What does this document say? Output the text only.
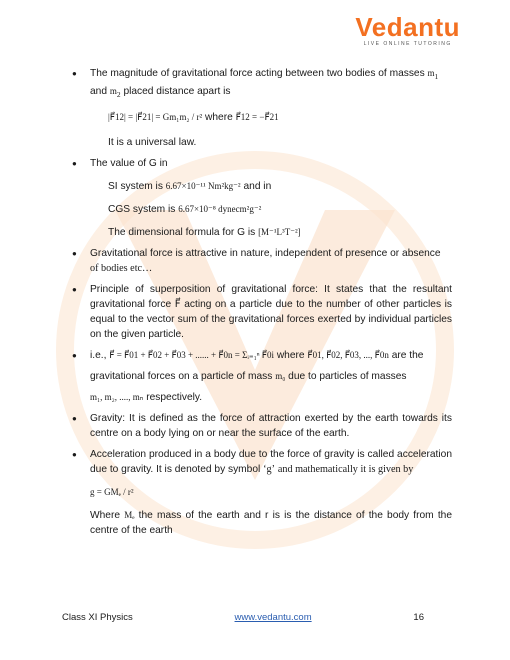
Vedantu
LIVE ONLINE TUTORING
● The magnitude of gravitational force acting between two bodies of masses $m_1$
and $m_2$ placed distance apart is
|F⃗12| = |F⃗21| = Gm₁m₂ / r² where F⃗12 = −F⃗21
It is a universal law.
● The value of G in
SI system is 6.67×10⁻¹¹ Nm²kg⁻² and in
CGS system is 6.67×10⁻⁸ dynecm²g⁻²
The dimensional formula for G is [M⁻¹L³T⁻²]
● Gravitational force is attractive in nature, independent of presence or absence
of bodies etc…
● Principle of superposition of gravitational force: It states that the resultant gravitational force F⃗ acting on a particle due to the number of other particles is equal to the vector sum of the gravitational forces exerted by individual particles on the given particle.
● i.e., F⃗ = F⃗01 + F⃗02 + F⃗03 + ...... + F⃗0n = Σᵢ₌₁ⁿ F⃗0i where F⃗01, F⃗02, F⃗03, ..., F⃗0n are the
gravitational forces on a particle of mass m₀ due to particles of masses
m₁, m₂, ...., mₙ respectively.
● Gravity: It is defined as the force of attraction exerted by the earth towards its centre on a body lying on or near the surface of the earth.
● Acceleration produced in a body due to the force of gravity is called acceleration due to gravity. It is denoted by symbol ‘g’ and mathematically it is given by
g = GMₑ / r²
Where Mₑ the mass of the earth and r is is the distance of the body from the centre of the earth
Class XI Physics	www.vedantu.com	16
